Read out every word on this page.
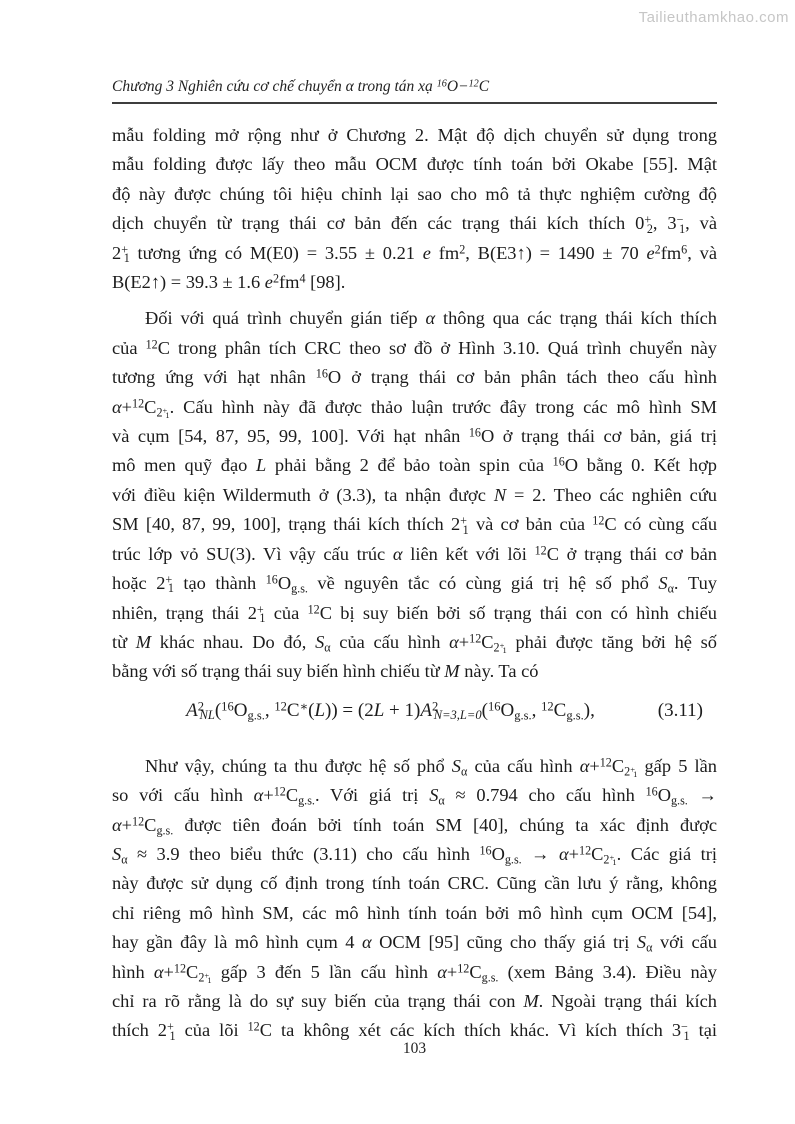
Tailieuthamkhao.com
Chương 3 Nghiên cứu cơ chế chuyển α trong tán xạ $^{16}$O−$^{12}$C
mẫu folding mở rộng như ở Chương 2. Mật độ dịch chuyển sử dụng trong
mẫu folding được lấy theo mẫu OCM được tính toán bởi Okabe [55]. Mật
độ này được chúng tôi hiệu chỉnh lại sao cho mô tả thực nghiệm cường độ
dịch chuyển từ trạng thái cơ bản đến các trạng thái kích thích $0^+_2$, $3^-_1$, và
$2^+_1$ tương ứng có M(E0) = 3.55 ± 0.21 e $fm^2$, B(E3↑) = 1490 ± 70 $e^2fm^6$, và
B(E2↑) = 39.3 ± 1.6 $e^2fm^4$ [98].
Đối với quá trình chuyển gián tiếp α thông qua các trạng thái kích thích
của $^{12}$C trong phân tích CRC theo sơ đồ ở Hình 3.10. Quá trình chuyển này
tương ứng với hạt nhân $^{16}$O ở trạng thái cơ bản phân tách theo cấu hình
$\alpha+^{12}C_2+_1$. Cấu hình này đã được thảo luận trước đây trong các mô hình SM
và cụm [54, 87, 95, 99, 100]. Với hạt nhân $^{16}$O ở trạng thái cơ bản, giá trị
mô men quỹ đạo L phải bằng 2 để bảo toàn spin của $^{16}$O bằng 0. Kết hợp
với điều kiện Wildermuth ở (3.3), ta nhận được N = 2. Theo các nghiên cứu
SM [40, 87, 99, 100], trạng thái kích thích $2^+_1$ và cơ bản của $^{12}$C có cùng cấu
trúc lớp vỏ SU(3). Vì vậy cấu trúc α liên kết với lõi $^{12}$C ở trạng thái cơ bản
hoặc $2^+_1$ tạo thành $^{16}O_{g.s.}$ về nguyên tắc có cùng giá trị hệ số phổ $S_\alpha$. Tuy
nhiên, trạng thái $2^+_1$ của $^{12}$C bị suy biến bởi số trạng thái con có hình chiếu
từ M khác nhau. Do đó, $S_\alpha$ của cấu hình $\alpha+^{12}C_2+_1$ phải được tăng bởi hệ số
bằng với số trạng thái suy biến hình chiếu từ M này. Ta có
$A^2_{NL}(^{16}O_{g.s.}$, $^{12}C^∗(L)) = (2L + 1)A^2_{N=3,L=0}(^{16}O_{g.s.}$, $^{12}C_{g.s.}$),	(3.11)
Như vậy, chúng ta thu được hệ số phổ $S_\alpha$ của cấu hình $\alpha+^{12}C_2+_1$ gấp 5 lần
so với cấu hình $\alpha+^{12}C_{g.s.}$. Với giá trị $S_\alpha \approx 0.794$ cho cấu hình $^{16}O_{g.s.}$ →
$\alpha+^{12}C_{g.s.}$ được tiên đoán bởi tính toán SM [40], chúng ta xác định được
$S_\alpha \approx 3.9$ theo biểu thức (3.11) cho cấu hình $^{16}O_{g.s.} \to \alpha+^{12}C_2+_1$. Các giá trị
này được sử dụng cố định trong tính toán CRC. Cũng cần lưu ý rằng, không
chỉ riêng mô hình SM, các mô hình tính toán bởi mô hình cụm OCM [54],
hay gần đây là mô hình cụm 4 α OCM [95] cũng cho thấy giá trị $S_\alpha$ với cấu
hình $\alpha+^{12}C_2+_1$ gấp 3 đến 5 lần cấu hình $\alpha+^{12}C_{g.s.}$ (xem Bảng 3.4). Điều này
chỉ ra rõ rằng là do sự suy biến của trạng thái con M. Ngoài trạng thái kích
thích $2^+_1$ của lõi $^{12}$C ta không xét các kích thích khác. Vì kích thích $3^-_1$ tại
103
